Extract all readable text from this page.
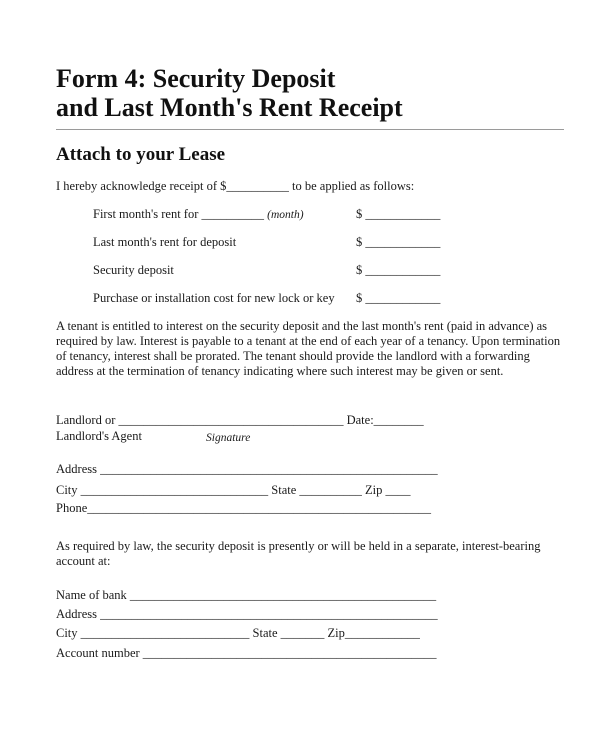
Form 4: Security Deposit
and Last Month's Rent Receipt
Attach to your Lease
I hereby acknowledge receipt of $__________ to be applied as follows:
First month's rent for __________ (month)	$ ____________
Last month's rent for deposit	$ ____________
Security deposit	$ ____________
Purchase or installation cost for new lock or key $ ____________

A tenant is entitled to interest on the security deposit and the last month's rent (paid in advance) as required by law. Interest is payable to a tenant at the end of each year of a tenancy. Upon termination of tenancy, interest shall be prorated. The tenant should provide the landlord with a forwarding address at the termination of tenancy indicating where such interest may be given or sent.

Landlord or ____________________________________ Date:________
Landlord's Agent	Signature
Address ______________________________________________________
City ______________________________ State __________ Zip ____
Phone_______________________________________________________

As required by law, the security deposit is presently or will be held in a separate, interest-bearing account at:

Name of bank _________________________________________________
Address ______________________________________________________
City ___________________________ State _______ Zip____________
Account number _______________________________________________
